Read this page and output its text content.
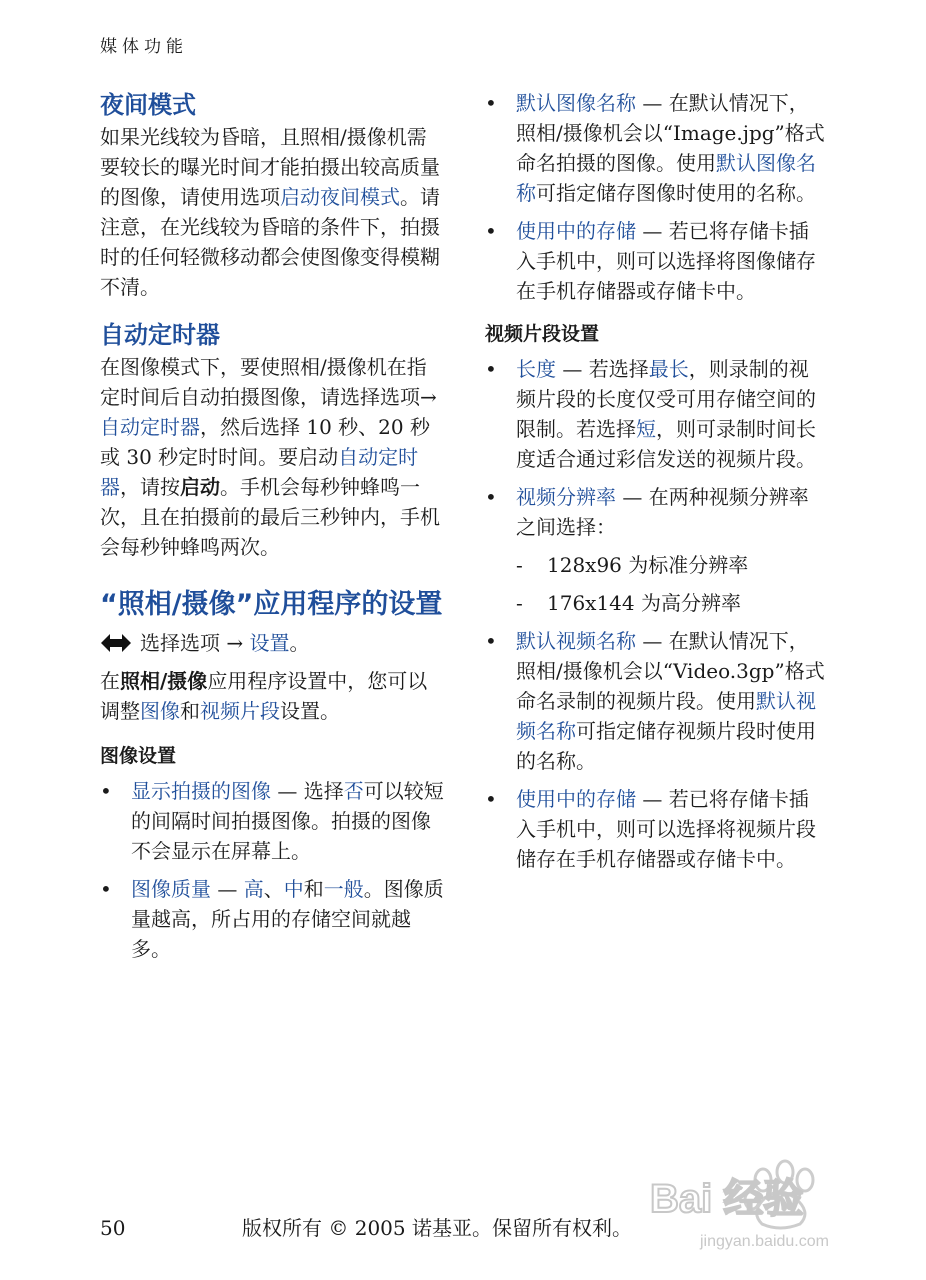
媒体功能
夜间模式

如果光线较为昏暗，且照相/摄像机需要较长的曝光时间才能拍摄出较高质量的图像，请使用选项启动夜间模式。请注意，在光线较为昏暗的条件下，拍摄时的任何轻微移动都会使图像变得模糊不清。

自动定时器

在图像模式下，要使照相/摄像机在指定时间后自动拍摄图像，请选择选项→自动定时器，然后选择 10 秒、20 秒或 30 秒定时时间。要启动自动定时器，请按启动。手机会每秒钟蜂鸣一次，且在拍摄前的最后三秒钟内，手机会每秒钟蜂鸣两次。

“照相/摄像”应用程序的设置
选择 选项
→
设置 。

在照相/摄像应用程序设置中，您可以调整图像和视频片段设置。

图像设置
• 显示拍摄的图像 — 选择否可以较短的间隔时间拍摄图像。拍摄的图像不会显示在屏幕上。
• 图像质量 — 高、中和一般。图像质量越高，所占用的存储空间就越多。
• 默认图像名称 — 在默认情况下，照相/摄像机会以“Image.jpg”格式命名拍摄的图像。使用默认图像名称可指定储存图像时使用的名称。
• 使用中的存储 — 若已将存储卡插入手机中，则可以选择将图像储存在手机存储器或存储卡中。
视频片段设置
• 长度 — 若选择最长，则录制的视频片段的长度仅受可用存储空间的限制。若选择短，则可录制时间长度适合通过彩信发送的视频片段。
• 视频分辨率 — 在两种视频分辨率之间选择：
- 128x96 为标准分辨率
- 176x144 为高分辨率
• 默认视频名称 — 在默认情况下，照相/摄像机会以“Video.3gp”格式命名录制的视频片段。使用默认视频名称可指定储存视频片段时使用的名称。
• 使用中的存储 — 若已将存储卡插入手机中，则可以选择将视频片段储存在手机存储器或存储卡中。
50	版权所有 © 2005 诺基亚。保留所有权利。
Bai 经验
jingyan.baidu.com
